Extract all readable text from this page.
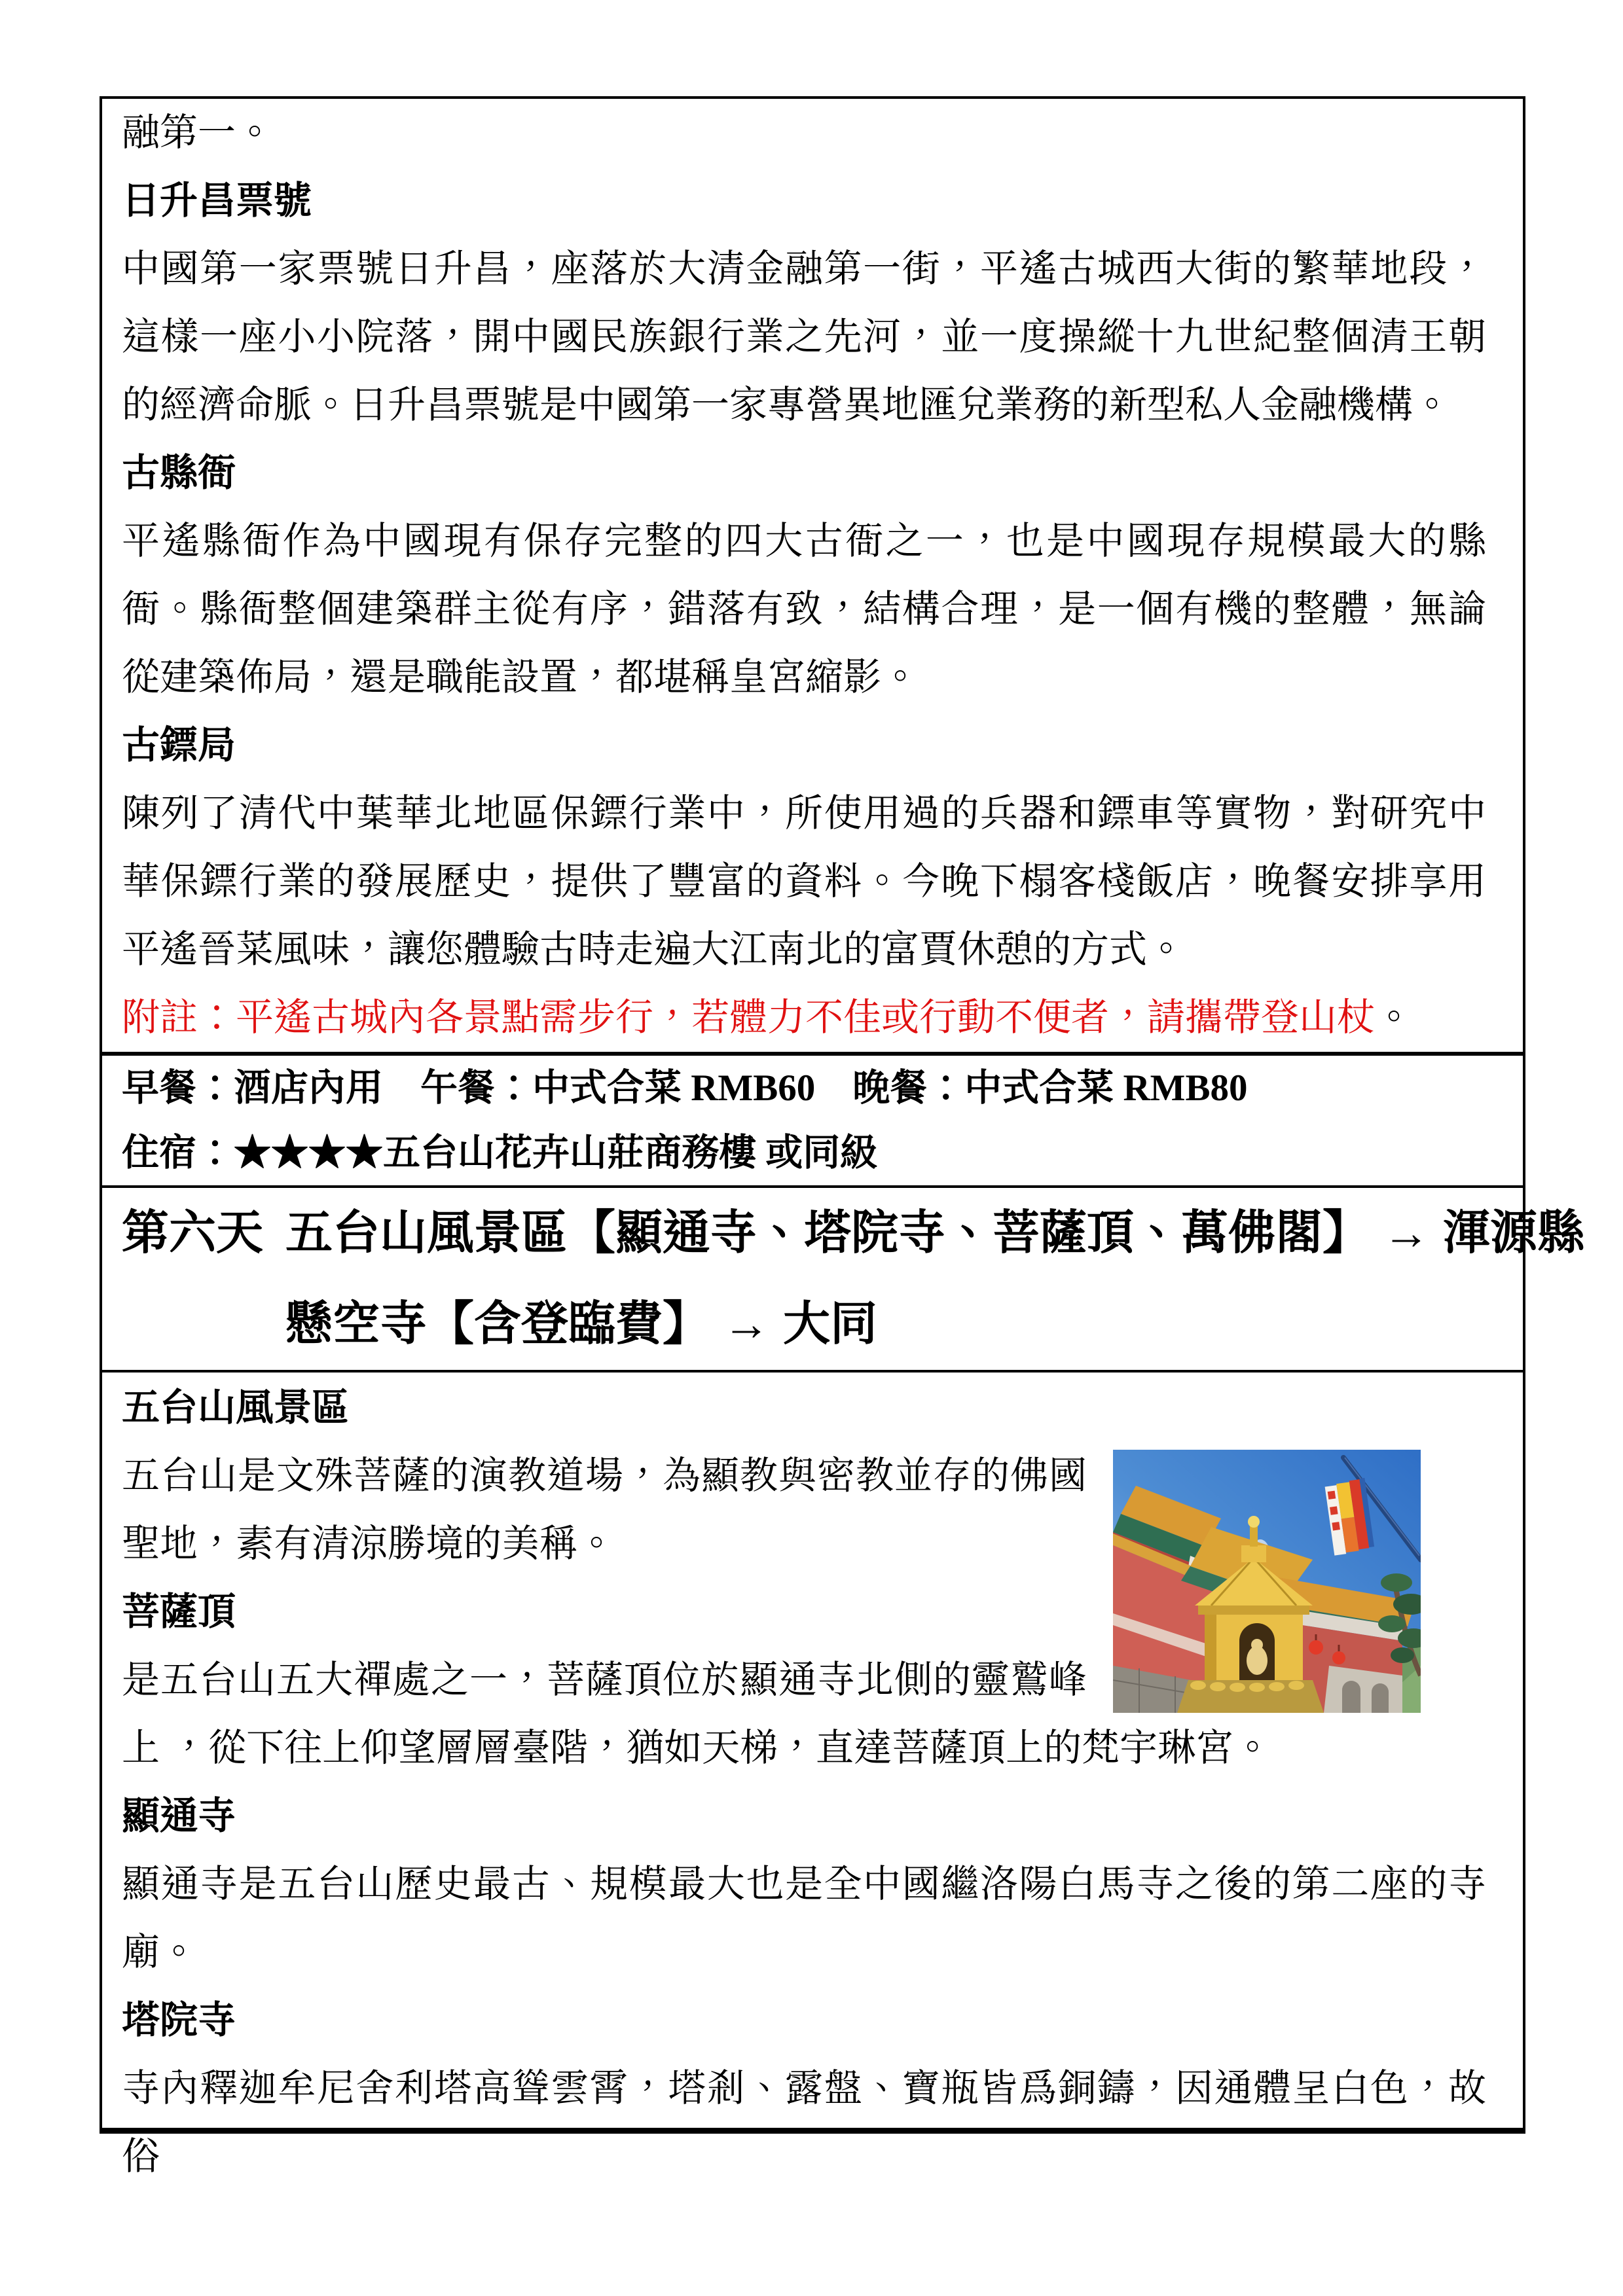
融第一。

日升昌票號

中國第一家票號日升昌，座落於大清金融第一街，平遙古城西大街的繁華地段，這樣一座小小院落，開中國民族銀行業之先河，並一度操縱十九世紀整個清王朝的經濟命脈。日升昌票號是中國第一家專營異地匯兌業務的新型私人金融機構。

古縣衙

平遙縣衙作為中國現有保存完整的四大古衙之一，也是中國現存規模最大的縣衙。縣衙整個建築群主從有序，錯落有致，結構合理，是一個有機的整體，無論從建築佈局，還是職能設置，都堪稱皇宮縮影。

古鏢局

陳列了清代中葉華北地區保鏢行業中，所使用過的兵器和鏢車等實物，對研究中華保鏢行業的發展歷史，提供了豐富的資料。今晚下榻客棧飯店，晚餐安排享用平遙晉菜風味，讓您體驗古時走遍大江南北的富賈休憩的方式。

附註：平遙古城內各景點需步行，若體力不佳或行動不便者，請攜帶登山杖。

早餐：酒店內用　午餐：中式合菜 RMB60　晚餐：中式合菜 RMB80

住宿：★★★★五台山花卉山莊商務樓 或同級

第六天 五台山風景區【顯通寺、塔院寺、菩薩頂、萬佛閣】 → 渾源縣
懸空寺【含登臨費】 → 大同
五台山風景區

五台山是文殊菩薩的演教道場，為顯教與密教並存的佛國聖地，素有清涼勝境的美稱。

菩薩頂

是五台山五大禪處之一，菩薩頂位於顯通寺北側的靈鷲峰上 ，從下往上仰望層層臺階，猶如天梯，直達菩薩頂上的梵宇琳宮。

顯通寺

顯通寺是五台山歷史最古、規模最大也是全中國繼洛陽白馬寺之後的第二座的寺廟。

塔院寺

寺內釋迦牟尼舍利塔高聳雲霄，塔剎、露盤、寶瓶皆爲銅鑄，因通體呈白色，故俗
